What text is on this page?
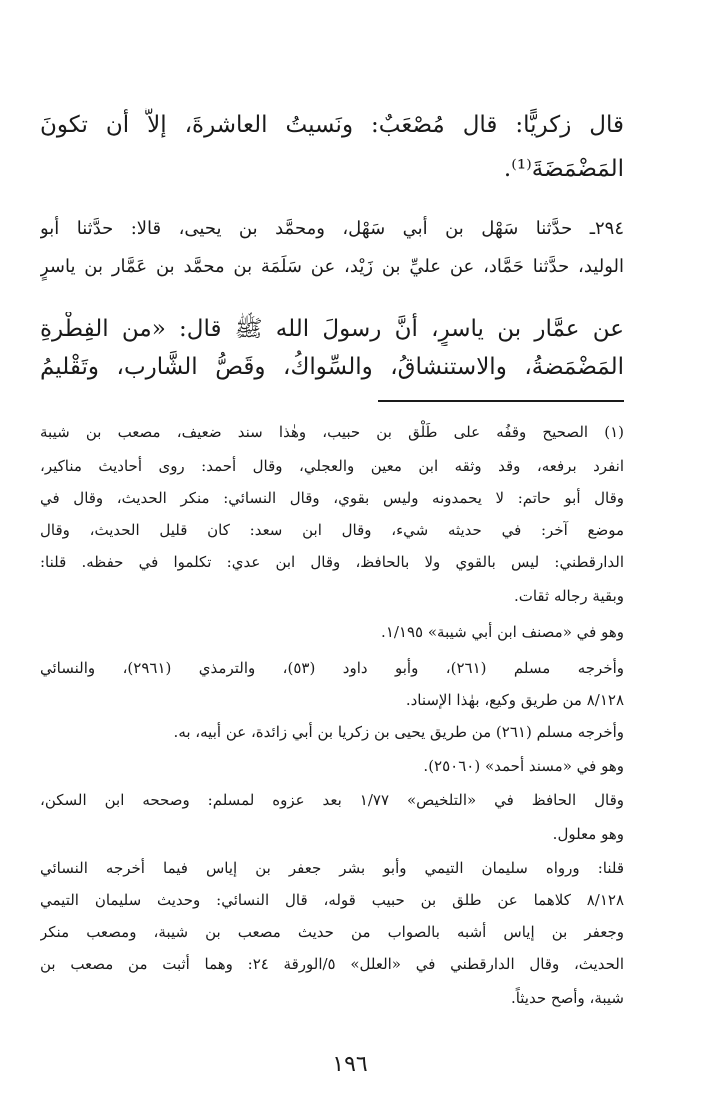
قال زكريًّا: قال مُصْعَبٌ: ونَسيتُ العاشرةَ، إلاَّ أن تكونَ
المَضْمَضَةَ⁽¹⁾.
٢٩٤ـ حدَّثنا سَهْل بن أبي سَهْل، ومحمَّد بن يحيى، قالا: حدَّثنا أبو
الوليد، حدَّثنا حَمَّاد، عن عليِّ بن زَيْد، عن سَلَمَة بن محمَّد بن عَمَّار بن ياسرٍ
عن عمَّار بن ياسرٍ، أنَّ رسولَ الله ﷺ قال: «من الفِطْرةِ
المَضْمَضةُ، والاستنشاقُ، والسِّواكُ، وقَصُّ الشَّارب، وتَقْليمُ
(١) الصحيح وقفُه على طَلْق بن حبيب، وهٰذا سند ضعيف، مصعب بن شيبة
انفرد برفعه، وقد وثقه ابن معين والعجلي، وقال أحمد: روى أحاديث مناكير،
وقال أبو حاتم: لا يحمدونه وليس بقوي، وقال النسائي: منكر الحديث، وقال في
موضع آخر: في حديثه شيء، وقال ابن سعد: كان قليل الحديث، وقال
الدارقطني: ليس بالقوي ولا بالحافظ، وقال ابن عدي: تكلموا في حفظه. قلنا:
وبقية رجاله ثقات.
وهو في «مصنف ابن أبي شيبة» ١/١٩٥.
وأخرجه مسلم (٢٦١)، وأبو داود (٥٣)، والترمذي (٢٩٦١)، والنسائي
٨/١٢٨ من طريق وكيع، بهٰذا الإسناد.
وأخرجه مسلم (٢٦١) من طريق يحيى بن زكريا بن أبي زائدة، عن أبيه، به.
وهو في «مسند أحمد» (٢٥٠٦٠).
وقال الحافظ في «التلخيص» ١/٧٧ بعد عزوه لمسلم: وصححه ابن السكن،
وهو معلول.
قلنا: ورواه سليمان التيمي وأبو بشر جعفر بن إياس فيما أخرجه النسائي
٨/١٢٨ كلاهما عن طلق بن حبيب قوله، قال النسائي: وحديث سليمان التيمي
وجعفر بن إياس أشبه بالصواب من حديث مصعب بن شيبة، ومصعب منكر
الحديث، وقال الدارقطني في «العلل» ٥/الورقة ٢٤: وهما أثبت من مصعب بن
شيبة، وأصح حديثاً.
١٩٦
